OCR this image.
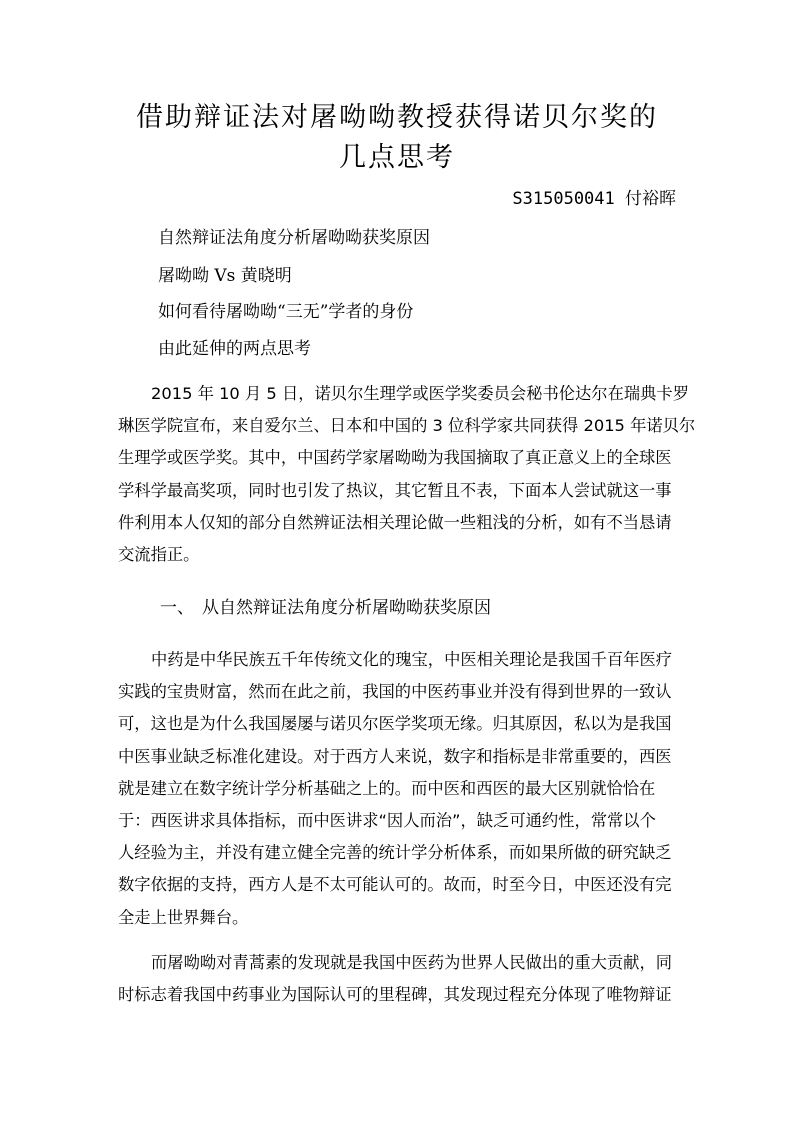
借助辩证法对屠呦呦教授获得诺贝尔奖的
几点思考
S315050041 付裕晖
自然辩证法角度分析屠呦呦获奖原因
屠呦呦 Vs 黄晓明
如何看待屠呦呦“三无”学者的身份
由此延伸的两点思考
2015 年 10 月 5 日，诺贝尔生理学或医学奖委员会秘书伦达尔在瑞典卡罗
琳医学院宣布，来自爱尔兰、日本和中国的 3 位科学家共同获得 2015 年诺贝尔
生理学或医学奖。其中，中国药学家屠呦呦为我国摘取了真正意义上的全球医
学科学最高奖项，同时也引发了热议，其它暂且不表，下面本人尝试就这一事
件利用本人仅知的部分自然辨证法相关理论做一些粗浅的分析，如有不当恳请
交流指正。
一、 从自然辩证法角度分析屠呦呦获奖原因
中药是中华民族五千年传统文化的瑰宝，中医相关理论是我国千百年医疗
实践的宝贵财富，然而在此之前，我国的中医药事业并没有得到世界的一致认
可，这也是为什么我国屡屡与诺贝尔医学奖项无缘。归其原因，私以为是我国
中医事业缺乏标准化建设。对于西方人来说，数字和指标是非常重要的，西医
就是建立在数字统计学分析基础之上的。而中医和西医的最大区别就恰恰在
于：西医讲求具体指标，而中医讲求“因人而治”，缺乏可通约性，常常以个
人经验为主，并没有建立健全完善的统计学分析体系，而如果所做的研究缺乏
数字依据的支持，西方人是不太可能认可的。故而，时至今日，中医还没有完
全走上世界舞台。
而屠呦呦对青蒿素的发现就是我国中医药为世界人民做出的重大贡献，同
时标志着我国中药事业为国际认可的里程碑，其发现过程充分体现了唯物辩证
